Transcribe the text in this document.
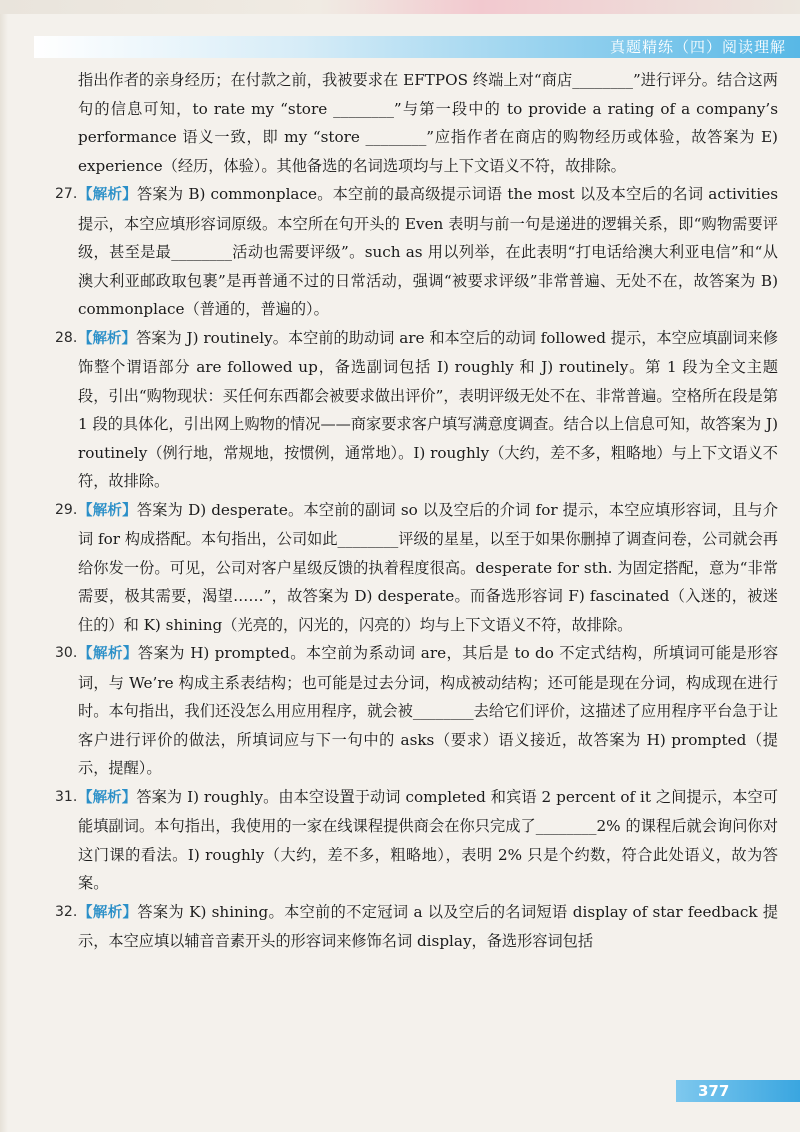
真题精练（四）阅读理解

指出作者的亲身经历；在付款之前，我被要求在 EFTPOS 终端上对“商店________”进行评分。结合这两句的信息可知，to rate my “store ________”与第一段中的 to provide a rating of a company’s performance 语义一致，即 my “store ________”应指作者在商店的购物经历或体验，故答案为 E) experience（经历，体验）。其他备选的名词选项均与上下文语义不符，故排除。

27. 【解析】答案为 B) commonplace。本空前的最高级提示词语 the most 以及本空后的名词 activities 提示，本空应填形容词原级。本空所在句开头的 Even 表明与前一句是递进的逻辑关系，即“购物需要评级，甚至是最________活动也需要评级”。such as 用以列举，在此表明“打电话给澳大利亚电信”和“从澳大利亚邮政取包裹”是再普通不过的日常活动，强调“被要求评级”非常普遍、无处不在，故答案为 B) commonplace（普通的，普遍的）。

28. 【解析】答案为 J) routinely。本空前的助动词 are 和本空后的动词 followed 提示，本空应填副词来修饰整个谓语部分 are followed up，备选副词包括 I) roughly 和 J) routinely。第 1 段为全文主题段，引出“购物现状：买任何东西都会被要求做出评价”，表明评级无处不在、非常普遍。空格所在段是第 1 段的具体化，引出网上购物的情况——商家要求客户填写满意度调查。结合以上信息可知，故答案为 J) routinely（例行地，常规地，按惯例，通常地）。I) roughly（大约，差不多，粗略地）与上下文语义不符，故排除。

29. 【解析】答案为 D) desperate。本空前的副词 so 以及空后的介词 for 提示，本空应填形容词，且与介词 for 构成搭配。本句指出，公司如此________评级的星星，以至于如果你删掉了调查问卷，公司就会再给你发一份。可见，公司对客户星级反馈的执着程度很高。desperate for sth. 为固定搭配，意为“非常需要，极其需要，渴望……”，故答案为 D) desperate。而备选形容词 F) fascinated（入迷的，被迷住的）和 K) shining（光亮的，闪光的，闪亮的）均与上下文语义不符，故排除。

30. 【解析】答案为 H) prompted。本空前为系动词 are，其后是 to do 不定式结构，所填词可能是形容词，与 We’re 构成主系表结构；也可能是过去分词，构成被动结构；还可能是现在分词，构成现在进行时。本句指出，我们还没怎么用应用程序，就会被________去给它们评价，这描述了应用程序平台急于让客户进行评价的做法，所填词应与下一句中的 asks（要求）语义接近，故答案为 H) prompted（提示，提醒）。

31. 【解析】答案为 I) roughly。由本空设置于动词 completed 和宾语 2 percent of it 之间提示，本空可能填副词。本句指出，我使用的一家在线课程提供商会在你只完成了________2% 的课程后就会询问你对这门课的看法。I) roughly（大约，差不多，粗略地），表明 2% 只是个约数，符合此处语义，故为答案。

32. 【解析】答案为 K) shining。本空前的不定冠词 a 以及空后的名词短语 display of star feedback 提示，本空应填以辅音音素开头的形容词来修饰名词 display，备选形容词包括

377
